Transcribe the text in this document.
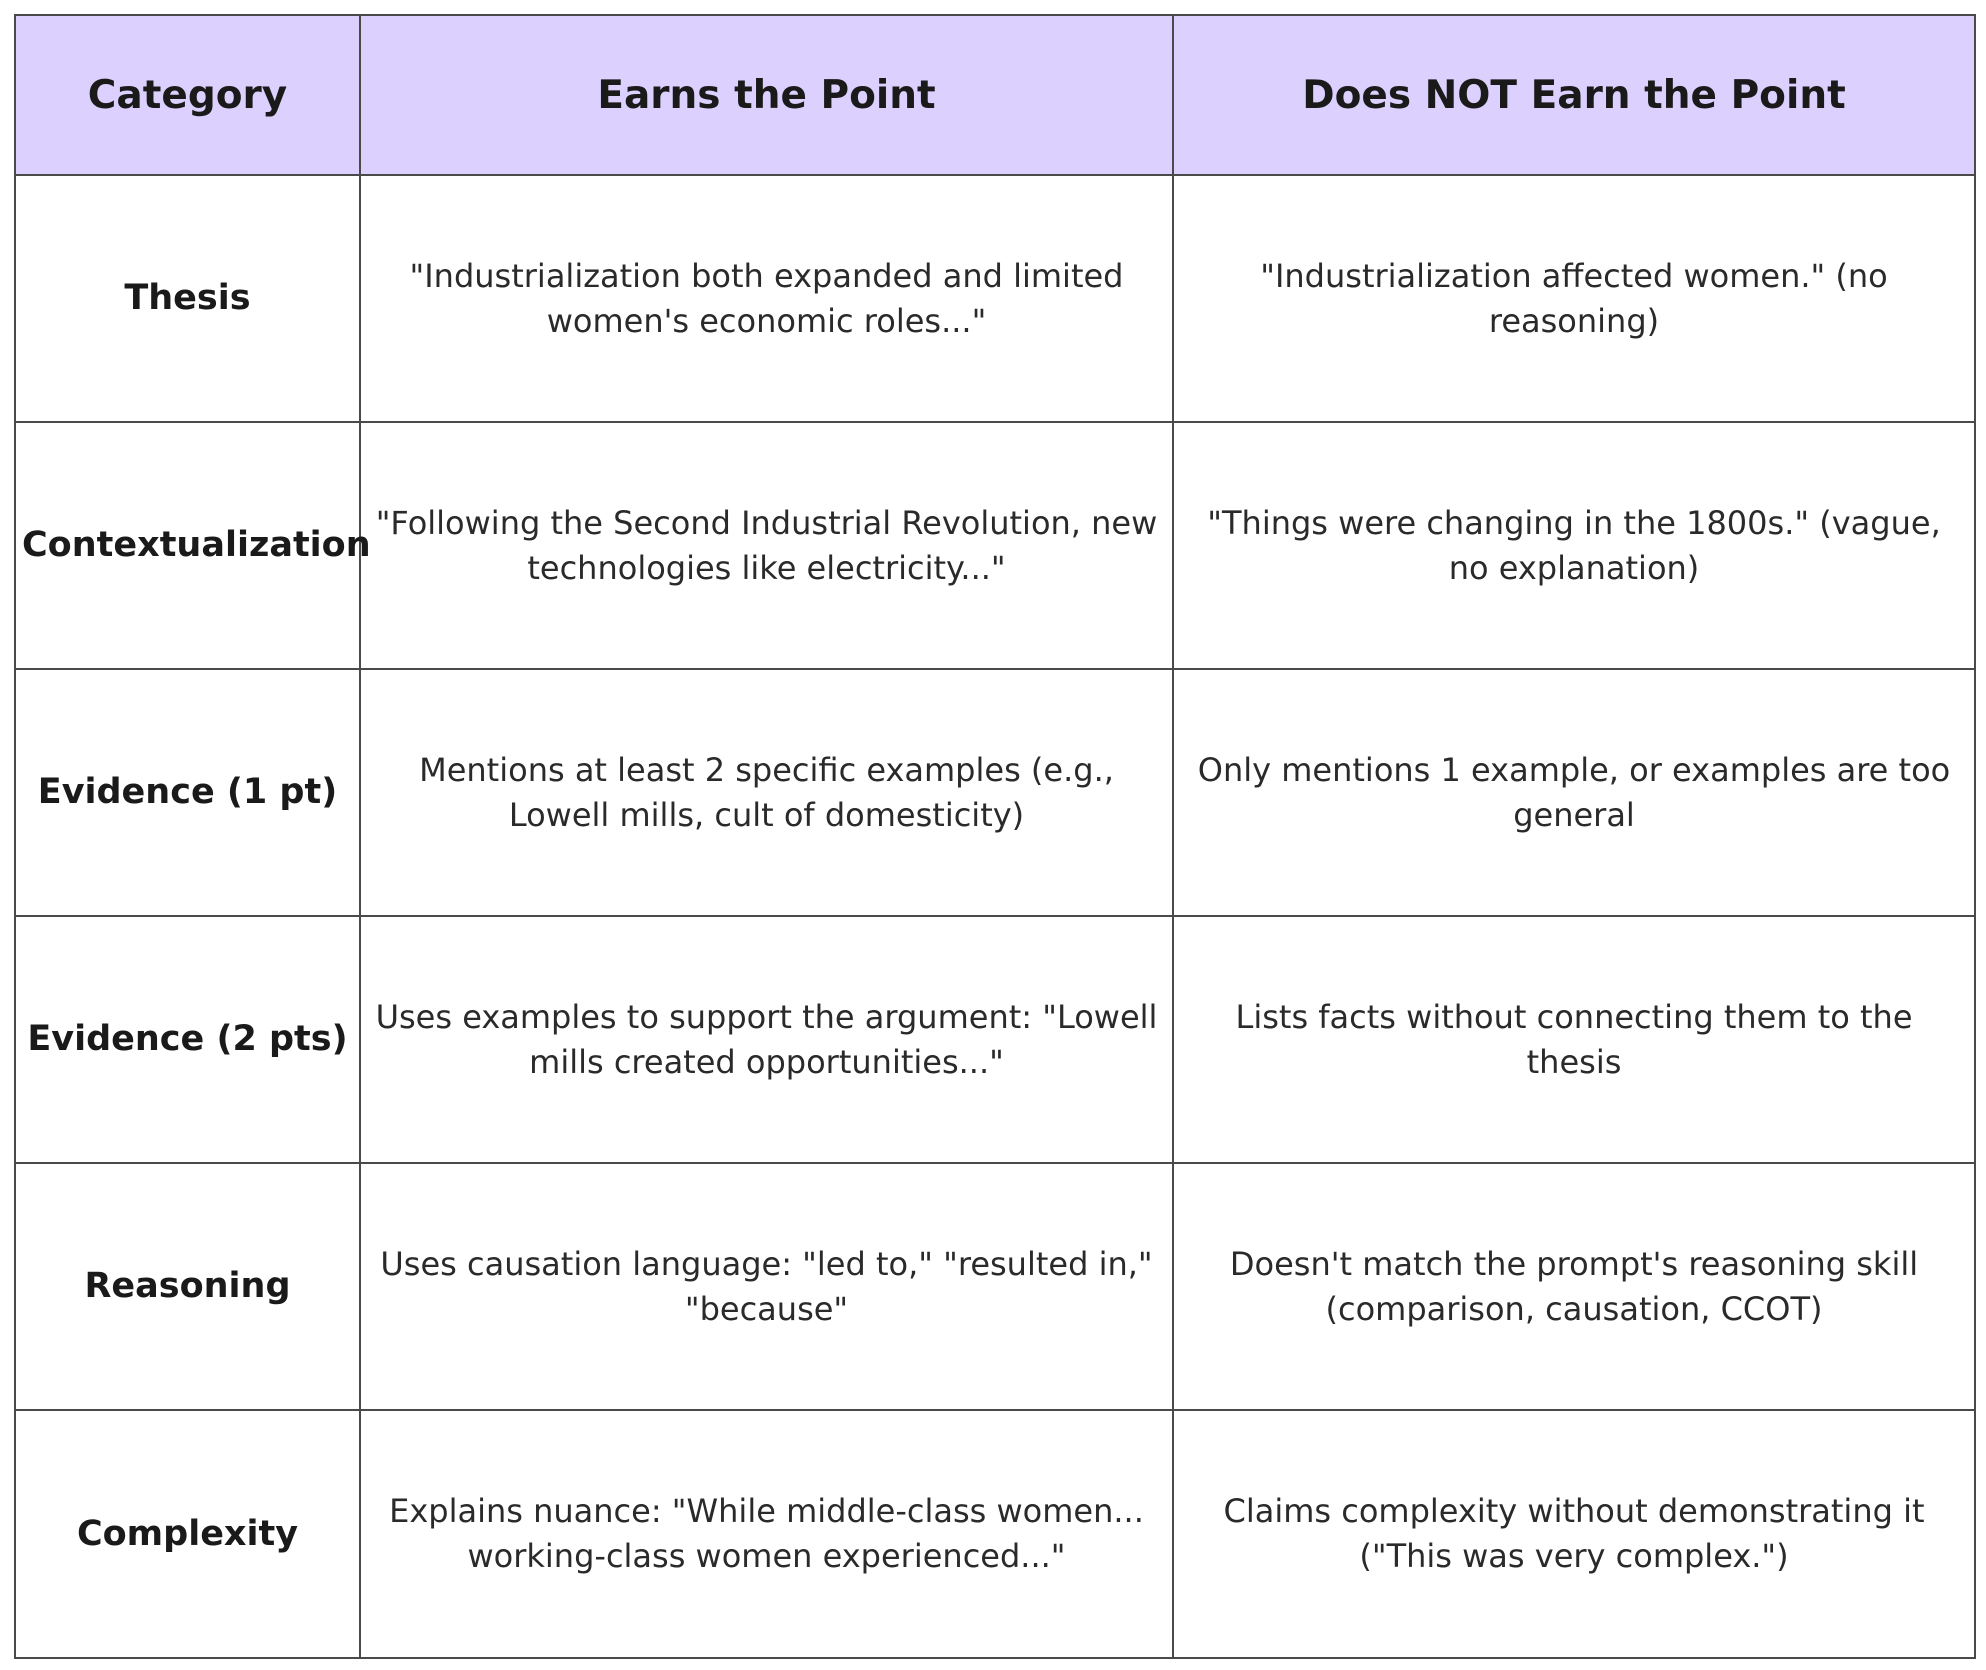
Category	Earns the Point	Does NOT Earn the Point
Thesis	"Industrialization both expanded and limited women's economic roles..."	"Industrialization affected women." (no reasoning)
Contextualization	"Following the Second Industrial Revolution, new technologies like electricity..."	"Things were changing in the 1800s." (vague, no explanation)
Evidence (1 pt)	Mentions at least 2 specific examples (e.g., Lowell mills, cult of domesticity)	Only mentions 1 example, or examples are too general
Evidence (2 pts)	Uses examples to support the argument: "Lowell mills created opportunities..."	Lists facts without connecting them to the thesis
Reasoning	Uses causation language: "led to," "resulted in," "because"	Doesn't match the prompt's reasoning skill (comparison, causation, CCOT)
Complexity	Explains nuance: "While middle-class women... working-class women experienced..."	Claims complexity without demonstrating it ("This was very complex.")
